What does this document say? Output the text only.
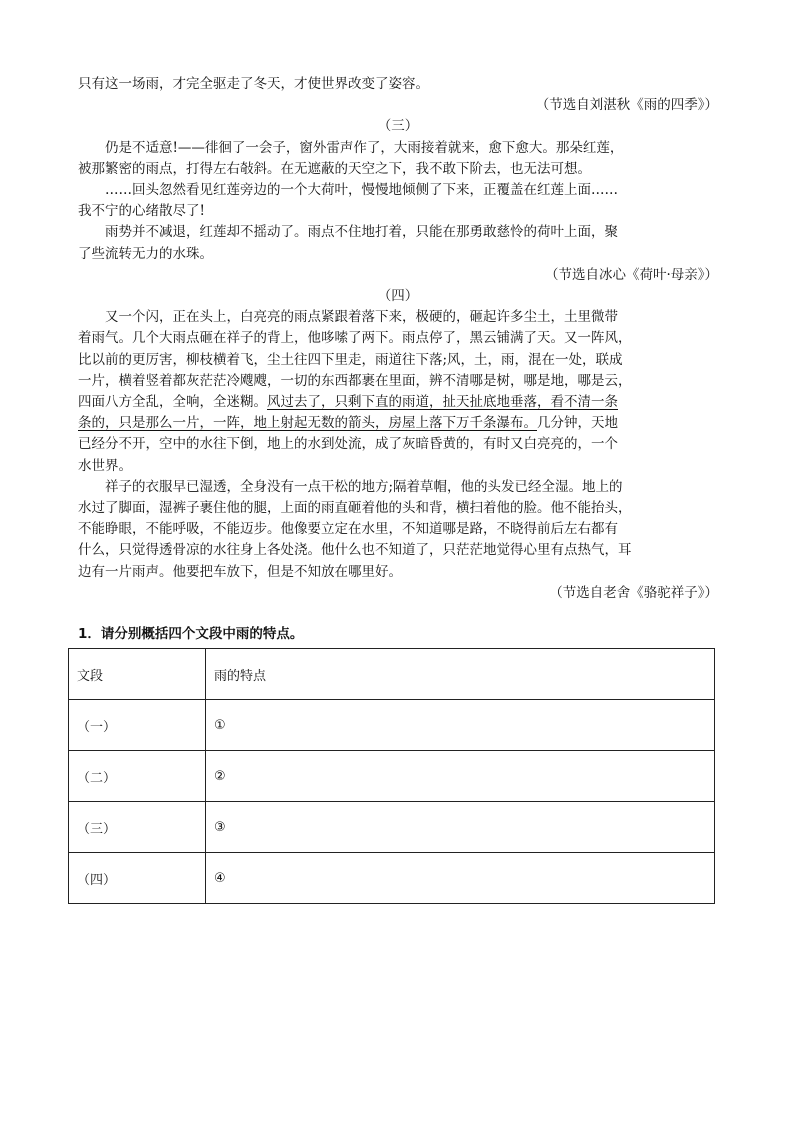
只有这一场雨，才完全驱走了冬天，才使世界改变了姿容。
（节选自刘湛秋《雨的四季》）
（三）
仍是不适意!——徘徊了一会子，窗外雷声作了，大雨接着就来，愈下愈大。那朵红莲，
被那繁密的雨点，打得左右敧斜。在无遮蔽的天空之下，我不敢下阶去，也无法可想。
……回头忽然看见红莲旁边的一个大荷叶，慢慢地倾侧了下来，正覆盖在红莲上面……
我不宁的心绪散尽了!
雨势并不减退，红莲却不摇动了。雨点不住地打着，只能在那勇敢慈怜的荷叶上面，聚
了些流转无力的水珠。
（节选自冰心《荷叶·母亲》）
（四）
又一个闪，正在头上，白亮亮的雨点紧跟着落下来，极硬的，砸起许多尘土，土里微带
着雨气。几个大雨点砸在祥子的背上，他哆嗦了两下。雨点停了，黑云铺满了天。又一阵风，
比以前的更厉害，柳枝横着飞，尘土往四下里走，雨道往下落;风，土，雨，混在一处，联成
一片，横着竖着都灰茫茫冷飕飕，一切的东西都裹在里面，辨不清哪是树，哪是地，哪是云，
四面八方全乱，全响，全迷糊。风过去了，只剩下直的雨道，扯天扯底地垂落，看不清一条
条的，只是那么一片，一阵，地上射起无数的箭头，房屋上落下万千条瀑布。几分钟，天地
已经分不开，空中的水往下倒，地上的水到处流，成了灰暗昏黄的，有时又白亮亮的，一个
水世界。
祥子的衣服早已湿透，全身没有一点干松的地方;隔着草帽，他的头发已经全湿。地上的
水过了脚面，湿裤子裹住他的腿，上面的雨直砸着他的头和背，横扫着他的脸。他不能抬头，
不能睁眼，不能呼吸，不能迈步。他像要立定在水里，不知道哪是路，不晓得前后左右都有
什么，只觉得透骨凉的水往身上各处浇。他什么也不知道了，只茫茫地觉得心里有点热气，耳
边有一片雨声。他要把车放下，但是不知放在哪里好。
（节选自老舍《骆驼祥子》）
1．请分别概括四个文段中雨的特点。
文段	雨的特点
（一）	①
（二）	②
（三）	③
（四）	④
